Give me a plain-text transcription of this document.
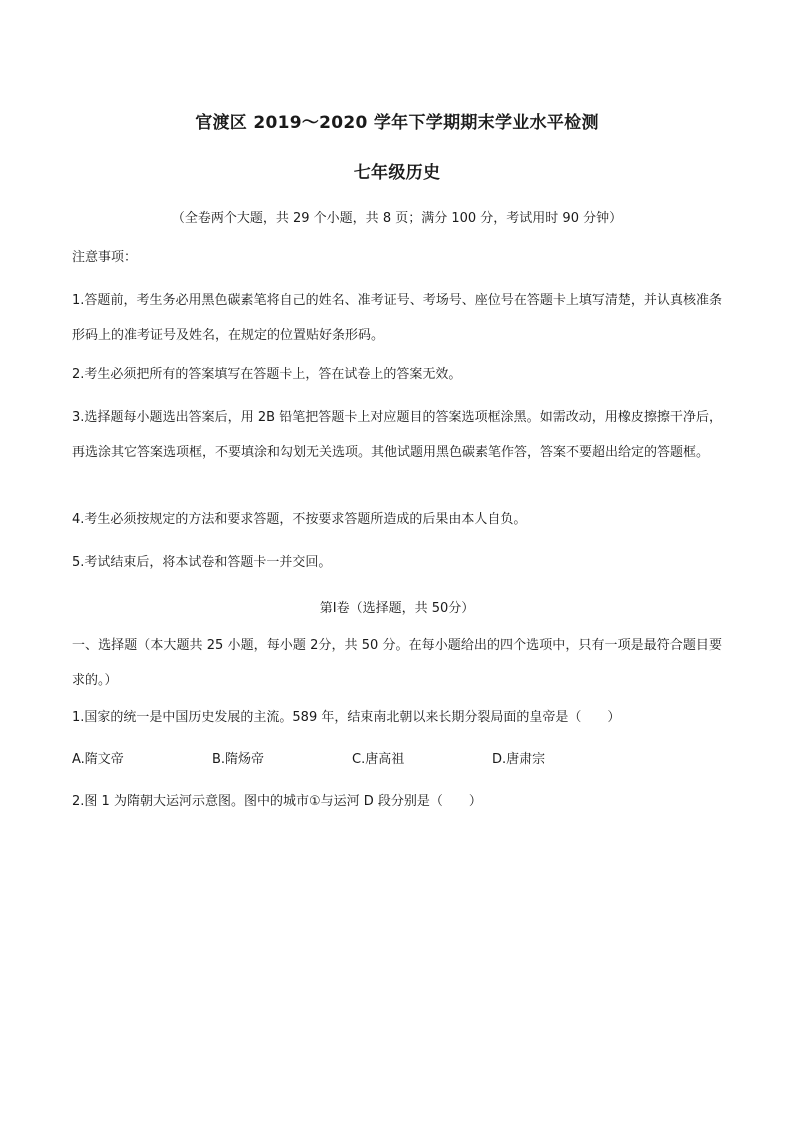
官渡区 2019～2020 学年下学期期末学业水平检测
七年级历史
（全卷两个大题，共 29 个小题，共 8 页；满分 100 分，考试用时 90 分钟）

注意事项：

1.答题前，考生务必用黑色碳素笔将自己的姓名、准考证号、考场号、座位号在答题卡上填写清楚，并认真核准条形码上的准考证号及姓名，在规定的位置贴好条形码。

2.考生必须把所有的答案填写在答题卡上，答在试卷上的答案无效。

3.选择题每小题选出答案后，用 2B 铅笔把答题卡上对应题目的答案选项框涂黑。如需改动，用橡皮擦擦干净后，再选涂其它答案选项框，不要填涂和勾划无关选项。其他试题用黑色碳素笔作答，答案不要超出给定的答题框。

4.考生必须按规定的方法和要求答题，不按要求答题所造成的后果由本人自负。

5.考试结束后，将本试卷和答题卡一并交回。

第Ⅰ卷（选择题，共 50分）

一、选择题（本大题共 25 小题，每小题 2分，共 50 分。在每小题给出的四个选项中，只有一项是最符合题目要求的。）

1.国家的统一是中国历史发展的主流。589 年，结束南北朝以来长期分裂局面的皇帝是（　　）

A.隋文帝	B.隋炀帝	C.唐高祖	D.唐肃宗

2.图 1 为隋朝大运河示意图。图中的城市①与运河 D 段分别是（　　）
